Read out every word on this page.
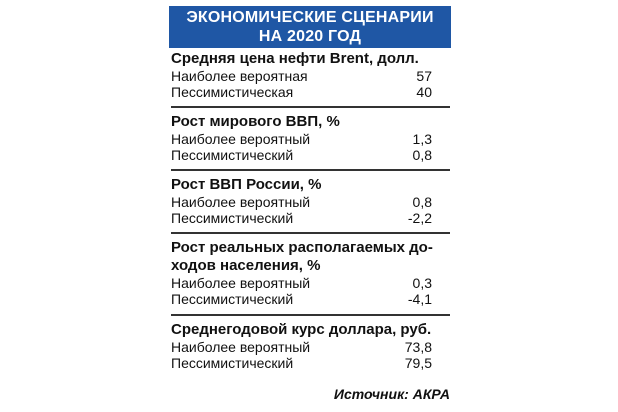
ЭКОНОМИЧЕСКИЕ СЦЕНАРИИ
НА 2020 ГОД
Средняя цена нефти Brent, долл.
Наиболее вероятная	57
Пессимистическая	40
Рост мирового ВВП, %
Наиболее вероятный	1,3
Пессимистический	0,8
Рост ВВП России, %
Наиболее вероятный	0,8
Пессимистический	-2,2
Рост реальных располагаемых до-
ходов населения, %
Наиболее вероятный	0,3
Пессимистический	-4,1
Среднегодовой курс доллара, руб.
Наиболее вероятный	73,8
Пессимистический	79,5
Источник: АКРА
